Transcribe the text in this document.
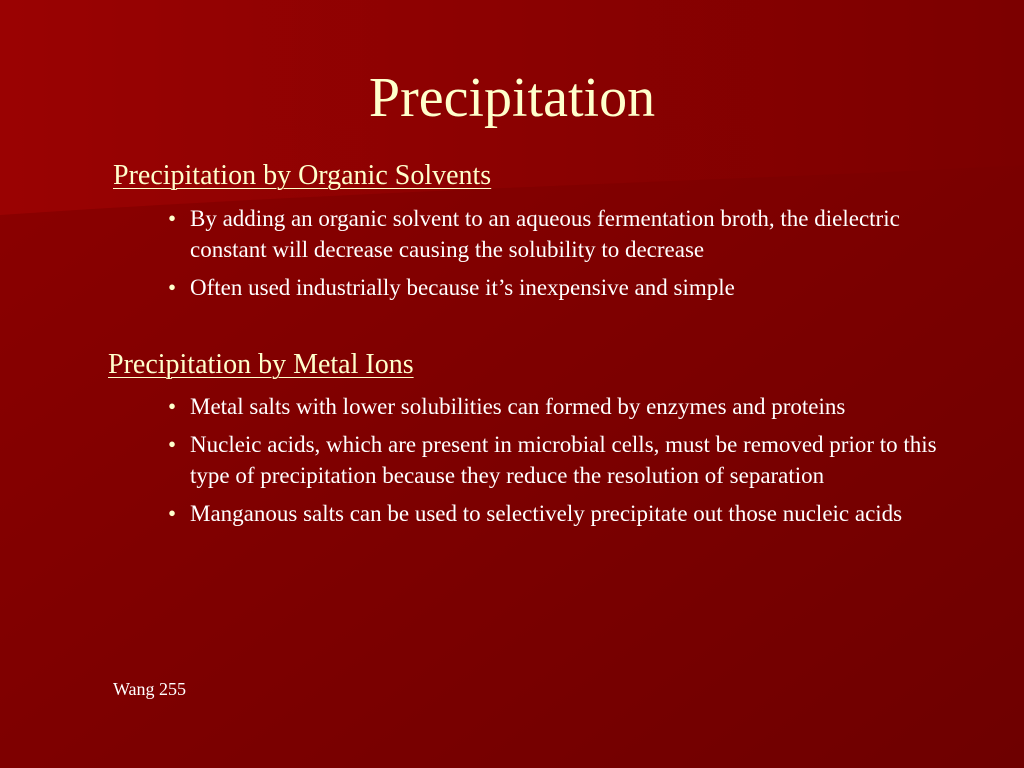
Precipitation
Precipitation by Organic Solvents
• By adding an organic solvent to an aqueous fermentation broth, the dielectric constant will decrease causing the solubility to decrease
• Often used industrially because it’s inexpensive and simple
Precipitation by Metal Ions
• Metal salts with lower solubilities can formed by enzymes and proteins
• Nucleic acids, which are present in microbial cells, must be removed prior to this type of precipitation because they reduce the resolution of separation
• Manganous salts can be used to selectively precipitate out those nucleic acids
Wang 255
